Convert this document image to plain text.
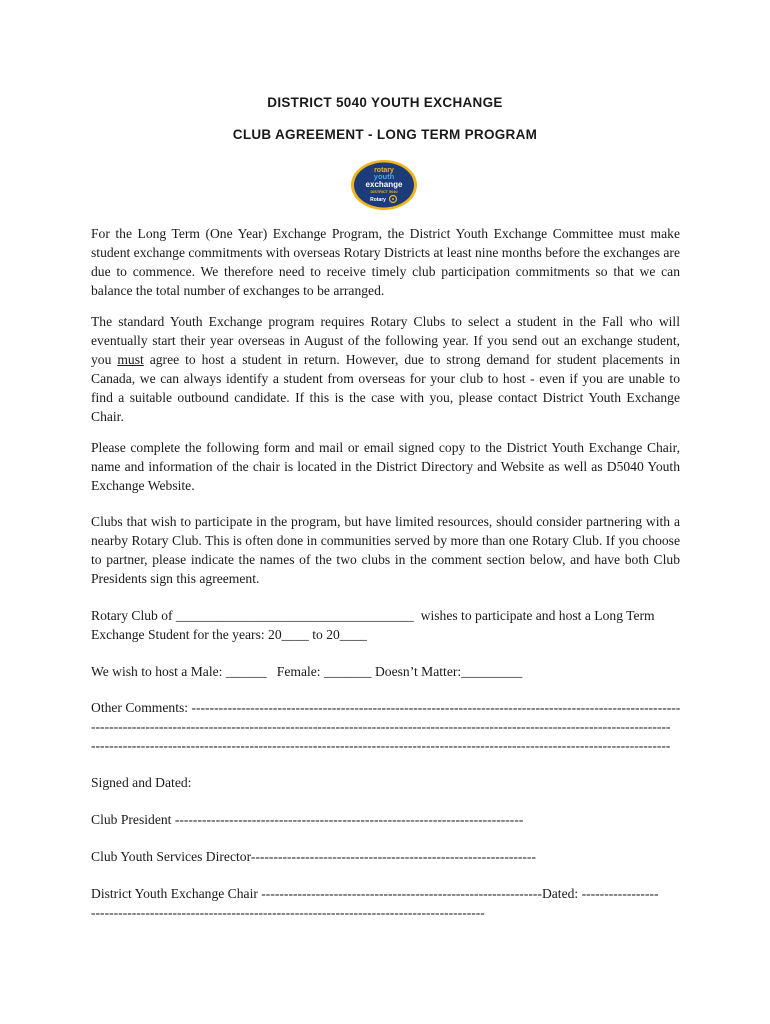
DISTRICT 5040 YOUTH EXCHANGE
CLUB AGREEMENT - LONG TERM PROGRAM
rotary
youth
exchange
DISTRICT 5040
Rotary
For the Long Term (One Year) Exchange Program, the District Youth Exchange Committee must make student exchange commitments with overseas Rotary Districts at least nine months before the exchanges are due to commence. We therefore need to receive timely club participation commitments so that we can balance the total number of exchanges to be arranged.
The standard Youth Exchange program requires Rotary Clubs to select a student in the Fall who will eventually start their year overseas in August of the following year. If you send out an exchange student, you must agree to host a student in return. However, due to strong demand for student placements in Canada, we can always identify a student from overseas for your club to host - even if you are unable to find a suitable outbound candidate. If this is the case with you, please contact District Youth Exchange Chair.
Please complete the following form and mail or email signed copy to the District Youth Exchange Chair, name and information of the chair is located in the District Directory and Website as well as D5040 Youth Exchange Website.
Clubs that wish to participate in the program, but have limited resources, should consider partnering with a nearby Rotary Club. This is often done in communities served by more than one Rotary Club. If you choose to partner, please indicate the names of the two clubs in the comment section below, and have both Club Presidents sign this agreement.
Rotary Club of ___________________________________  wishes to participate and host a Long Term
Exchange Student for the years: 20____ to 20____
We wish to host a Male: ______   Female: _______ Doesn’t Matter:_________
Other Comments: ------------------------------------------------------------------------------------------------------------
--------------------------------------------------------------------------------------------------------------------------------
--------------------------------------------------------------------------------------------------------------------------------
Signed and Dated:
Club President -----------------------------------------------------------------------------
Club Youth Services Director---------------------------------------------------------------
District Youth Exchange Chair --------------------------------------------------------------Dated: -----------------
---------------------------------------------------------------------------------------
